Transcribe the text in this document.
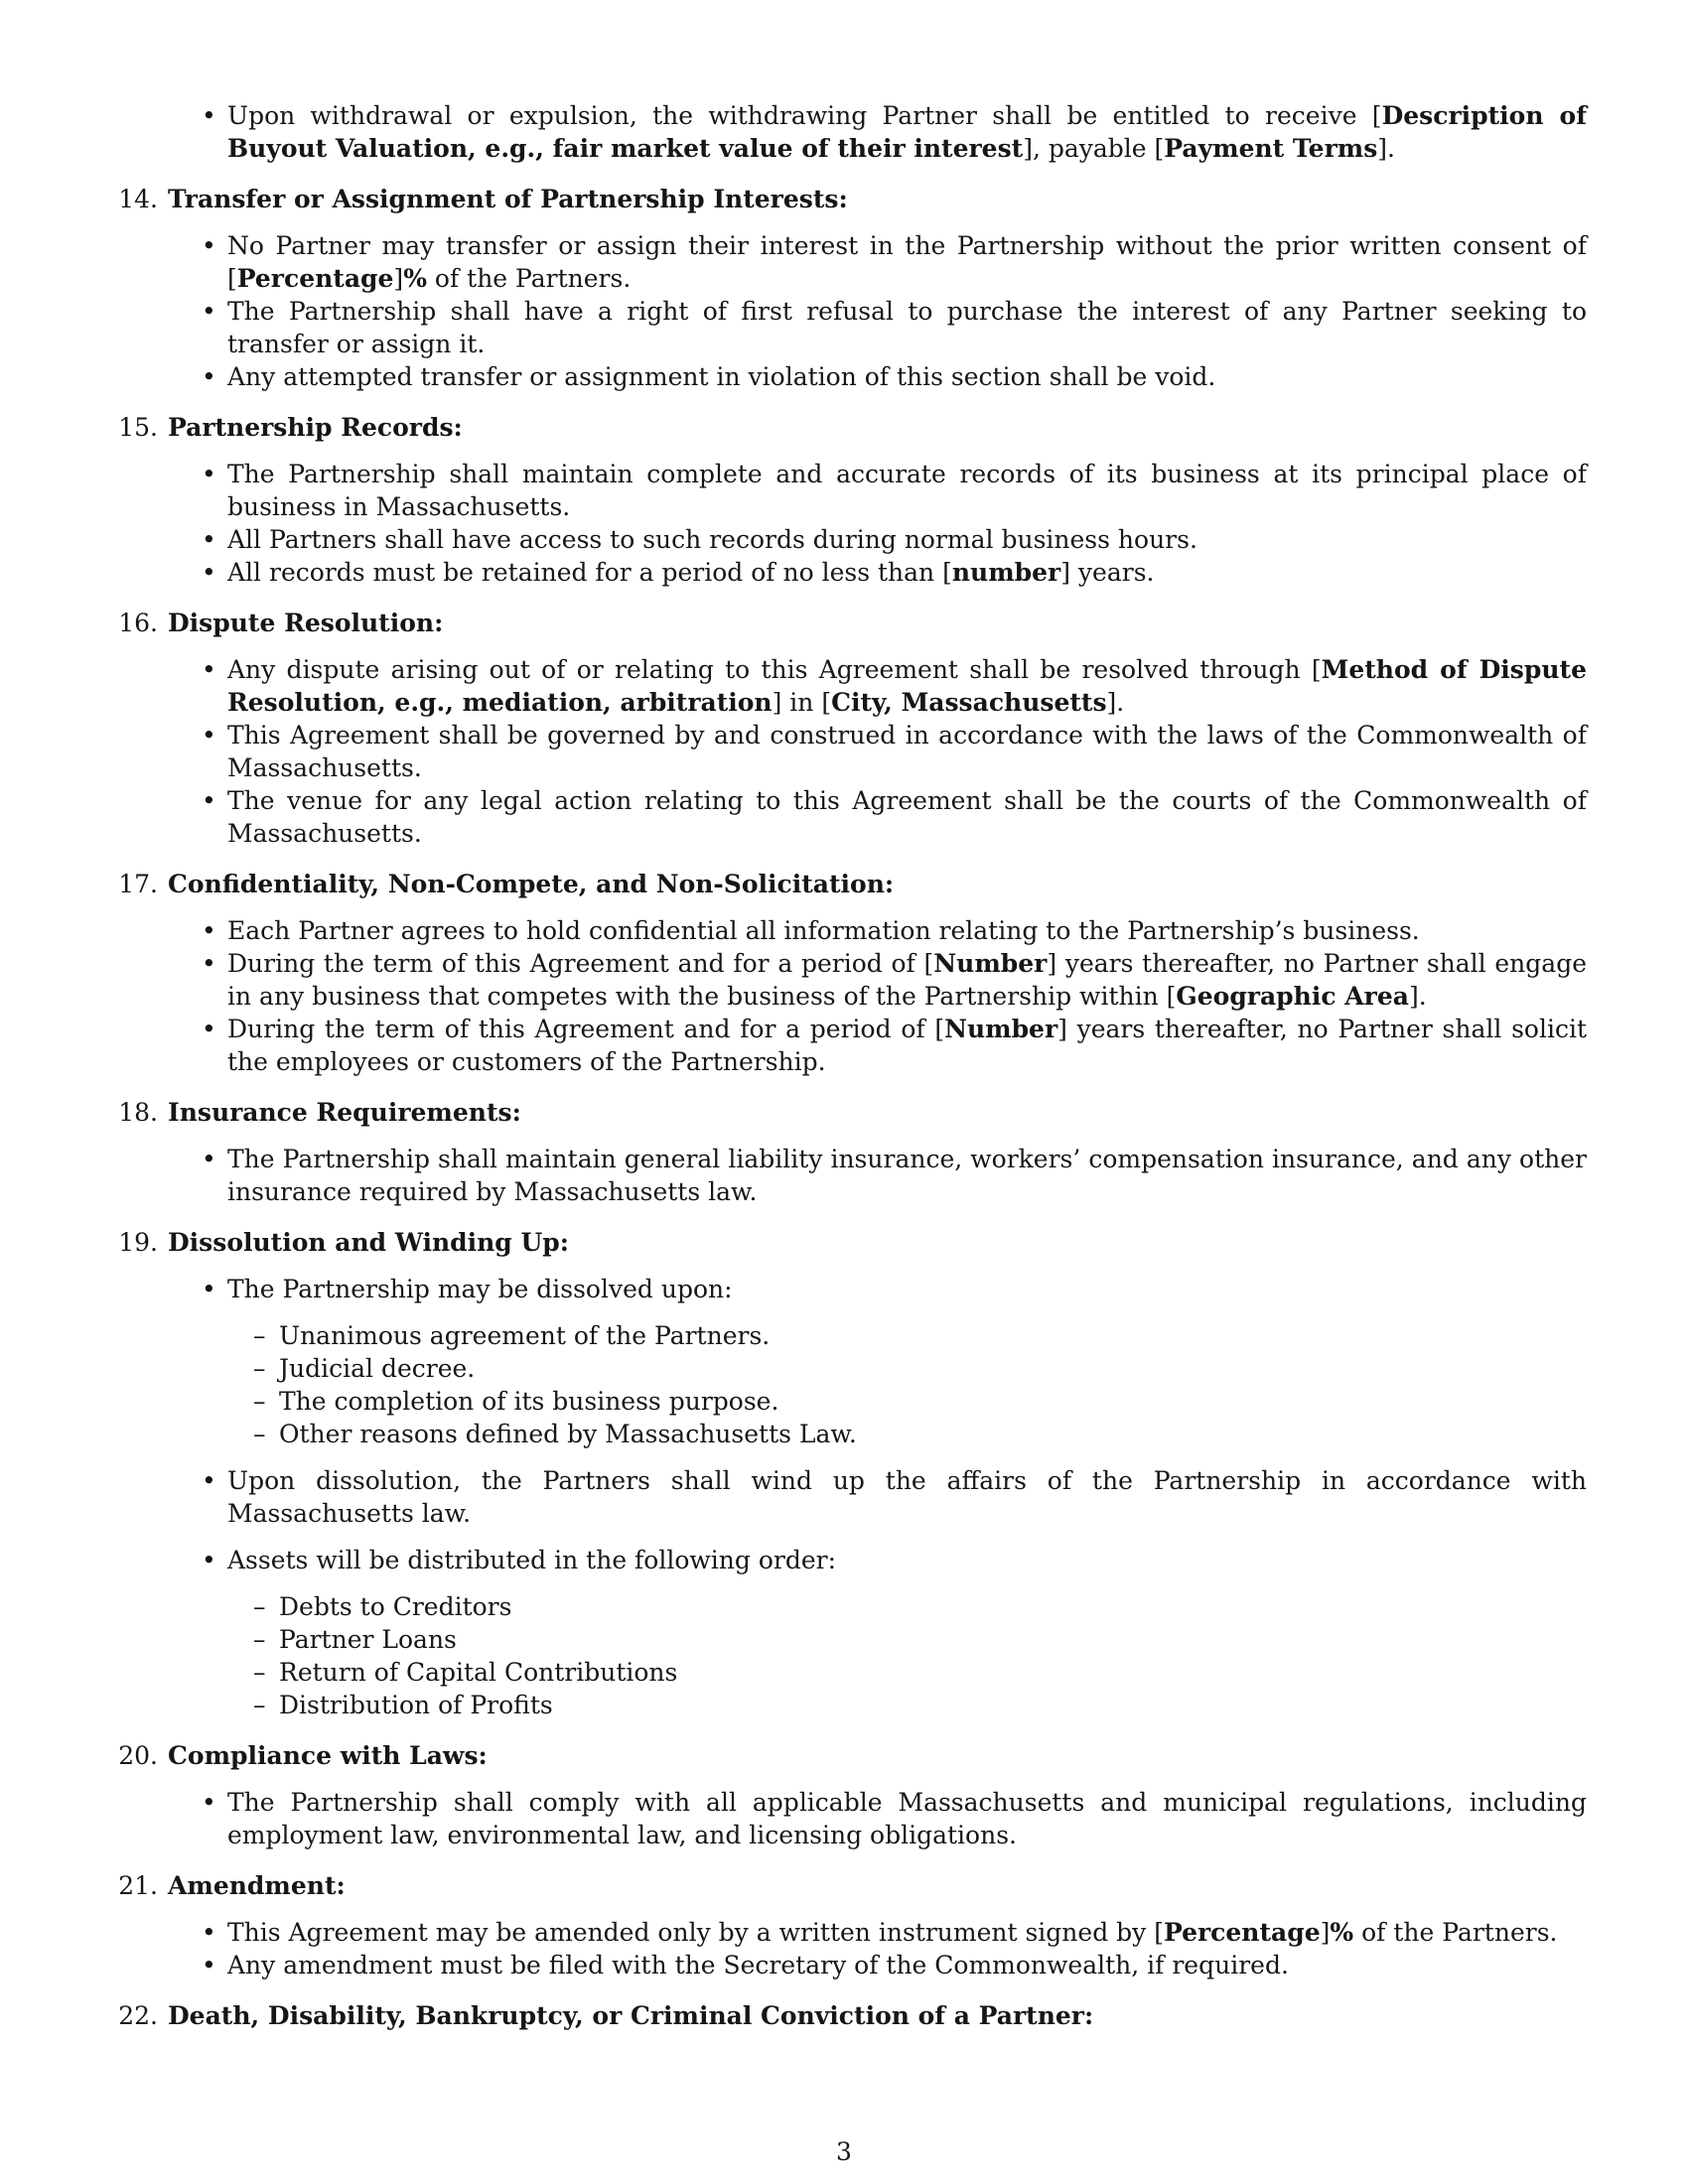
• Upon withdrawal or expulsion, the withdrawing Partner shall be entitled to receive [Description of Buyout Valuation, e.g., fair market value of their interest], payable [Payment Terms].
14. Transfer or Assignment of Partnership Interests:
• No Partner may transfer or assign their interest in the Partnership without the prior written consent of [Percentage]% of the Partners.
• The Partnership shall have a right of first refusal to purchase the interest of any Partner seeking to transfer or assign it.
• Any attempted transfer or assignment in violation of this section shall be void.
15. Partnership Records:
• The Partnership shall maintain complete and accurate records of its business at its principal place of business in Massachusetts.
• All Partners shall have access to such records during normal business hours.
• All records must be retained for a period of no less than [number] years.
16. Dispute Resolution:
• Any dispute arising out of or relating to this Agreement shall be resolved through [Method of Dispute Resolution, e.g., mediation, arbitration] in [City, Massachusetts].
• This Agreement shall be governed by and construed in accordance with the laws of the Commonwealth of Massachusetts.
• The venue for any legal action relating to this Agreement shall be the courts of the Commonwealth of Massachusetts.
17. Confidentiality, Non-Compete, and Non-Solicitation:
• Each Partner agrees to hold confidential all information relating to the Partnership’s business.
• During the term of this Agreement and for a period of [Number] years thereafter, no Partner shall engage in any business that competes with the business of the Partnership within [Geographic Area].
• During the term of this Agreement and for a period of [Number] years thereafter, no Partner shall solicit the employees or customers of the Partnership.
18. Insurance Requirements:
• The Partnership shall maintain general liability insurance, workers’ compensation insurance, and any other insurance required by Massachusetts law.
19. Dissolution and Winding Up:
• The Partnership may be dissolved upon:
– Unanimous agreement of the Partners.
– Judicial decree.
– The completion of its business purpose.
– Other reasons defined by Massachusetts Law.
• Upon dissolution, the Partners shall wind up the affairs of the Partnership in accordance with Massachusetts law.
• Assets will be distributed in the following order:
– Debts to Creditors
– Partner Loans
– Return of Capital Contributions
– Distribution of Profits
20. Compliance with Laws:
• The Partnership shall comply with all applicable Massachusetts and municipal regulations, including employment law, environmental law, and licensing obligations.
21. Amendment:
• This Agreement may be amended only by a written instrument signed by [Percentage]% of the Partners.
• Any amendment must be filed with the Secretary of the Commonwealth, if required.
22. Death, Disability, Bankruptcy, or Criminal Conviction of a Partner:
3
